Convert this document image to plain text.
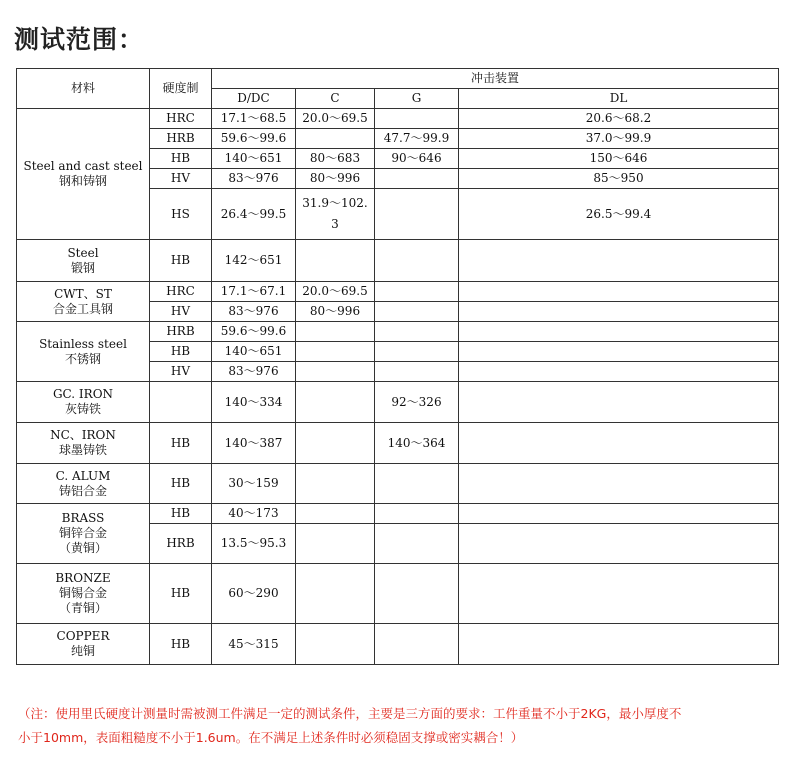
测试范围：
材料	硬度制	冲击装置			
		D/DC	C	G	DL

Steel and cast steel
钢和铸钢	HRC	17.1～68.5	20.0～69.5		20.6～68.2
	HRB	59.6～99.6		47.7～99.9	37.0～99.9
	HB	140～651	80～683	90～646	150～646
	HV	83～976	80～996		85～950
	HS	26.4～99.5	31.9～102.3		26.5～99.4

Steel
锻钢	HB	142～651			

CWT、ST
合金工具钢	HRC	17.1～67.1	20.0～69.5		
	HV	83～976	80～996		

Stainless steel
不锈钢	HRB	59.6～99.6			
	HB	140～651			
	HV	83～976			

GC. IRON
灰铸铁		140～334		92～326	

NC、IRON
球墨铸铁	HB	140～387		140～364	

C. ALUM
铸铝合金	HB	30～159			

BRASS
铜锌合金
（黄铜）	HB	40～173			
	HRB	13.5～95.3			

BRONZE
铜锡合金
（青铜）	HB	60～290			

COPPER
纯铜	HB	45～315			
（注：使用里氏硬度计测量时需被测工件满足一定的测试条件，主要是三方面的要求：工件重量不小于2KG，最小厚度不
小于10mm，表面粗糙度不小于1.6um。在不满足上述条件时必须稳固支撑或密实耦合！）
